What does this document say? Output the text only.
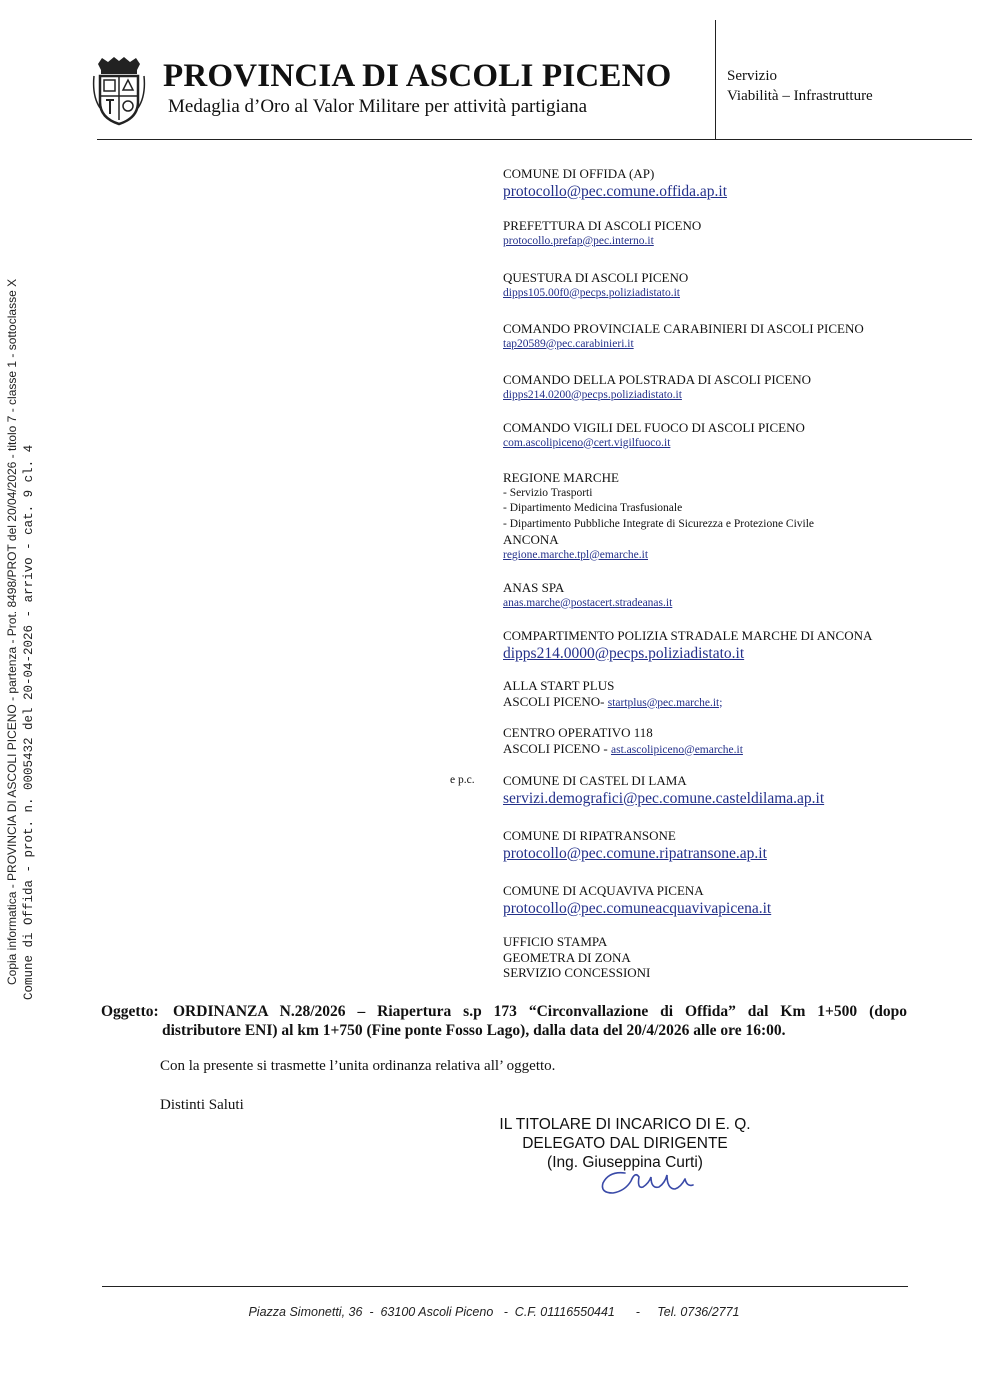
PROVINCIA DI ASCOLI PICENO
Medaglia d’Oro al Valor Militare per attività partigiana
Servizio
Viabilità – Infrastrutture
Copia informatica - PROVINCIA DI ASCOLI PICENO - partenza - Prot. 8498/PROT del 20/04/2026 - titolo 7 - classe 1 - sottoclasse X Comune di Offida - prot. n. 0005432 del 20-04-2026 - arrivo - cat. 9 cl. 4
COMUNE DI OFFIDA (AP)
protocollo@pec.comune.offida.ap.it
PREFETTURA DI ASCOLI PICENO
protocollo.prefap@pec.interno.it
QUESTURA DI ASCOLI PICENO
dipps105.00f0@pecps.poliziadistato.it
COMANDO PROVINCIALE CARABINIERI DI ASCOLI PICENO
tap20589@pec.carabinieri.it
COMANDO DELLA POLSTRADA DI ASCOLI PICENO
dipps214.0200@pecps.poliziadistato.it
COMANDO VIGILI DEL FUOCO DI ASCOLI PICENO
com.ascolipiceno@cert.vigilfuoco.it
REGIONE MARCHE
- Servizio Trasporti
- Dipartimento Medicina Trasfusionale
- Dipartimento Pubbliche Integrate di Sicurezza e Protezione Civile
ANCONA
regione.marche.tpl@emarche.it
ANAS SPA
anas.marche@postacert.stradeanas.it
COMPARTIMENTO POLIZIA STRADALE MARCHE DI ANCONA
dipps214.0000@pecps.poliziadistato.it
ALLA START PLUS
ASCOLI PICENO- startplus@pec.marche.it;
CENTRO OPERATIVO 118
ASCOLI PICENO - ast.ascolipiceno@emarche.it
e p.c. COMUNE DI CASTEL DI LAMA
servizi.demografici@pec.comune.casteldilama.ap.it
COMUNE DI RIPATRANSONE
protocollo@pec.comune.ripatransone.ap.it
COMUNE DI ACQUAVIVA PICENA
protocollo@pec.comuneacquavivapicena.it
UFFICIO STAMPA
GEOMETRA DI ZONA
SERVIZIO CONCESSIONI
Oggetto: ORDINANZA N.28/2026 – Riapertura s.p 173 “Circonvallazione di Offida” dal Km 1+500 (dopo
distributore ENI) al km 1+750 (Fine ponte Fosso Lago), dalla data del 20/4/2026 alle ore 16:00.
Con la presente si trasmette l’unita ordinanza relativa all’ oggetto.
Distinti Saluti
IL TITOLARE DI INCARICO DI E. Q.
DELEGATO DAL DIRIGENTE
(Ing. Giuseppina Curti)
Piazza Simonetti, 36  -  63100 Ascoli Piceno   -  C.F. 01116550441      -     Tel. 0736/2771
